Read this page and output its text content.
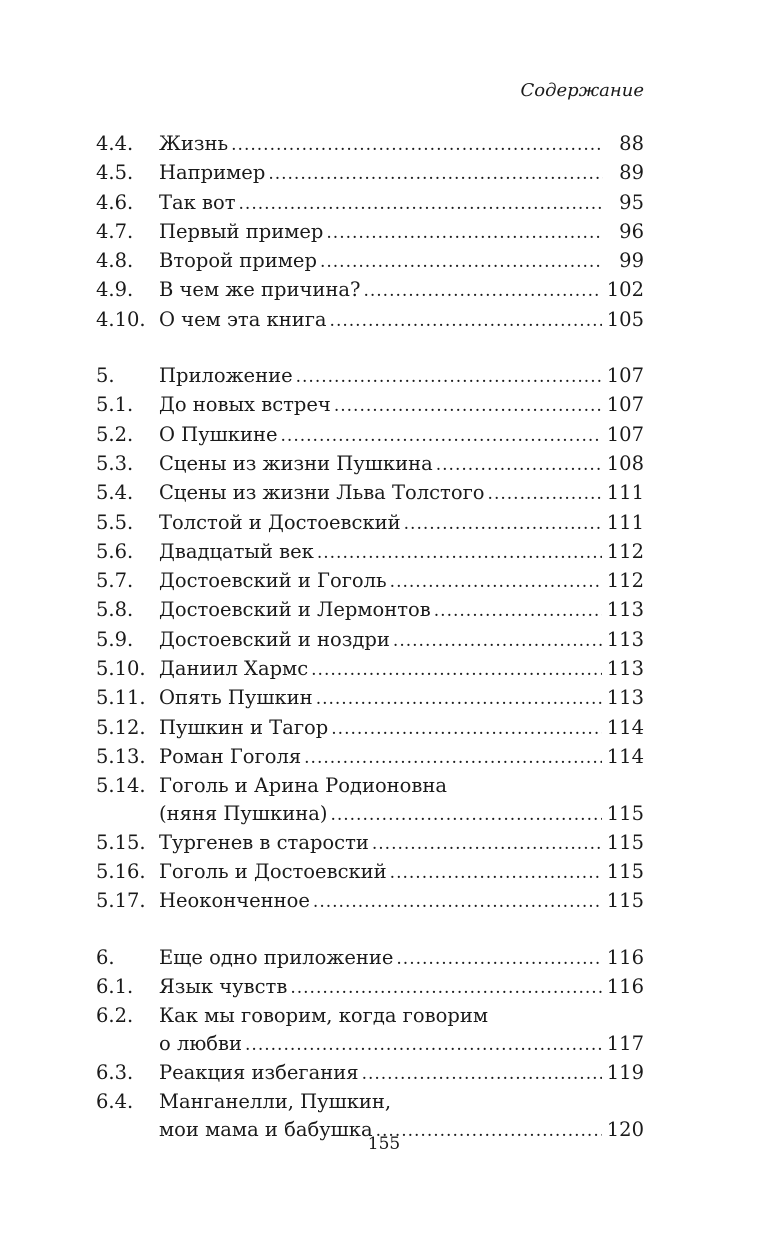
Содержание
4.4.	Жизнь .....	88
4.5.	Например .....	89
4.6.	Так вот .....	95
4.7.	Первый пример .....	96
4.8.	Второй пример .....	99
4.9.	В чем же причина? .....	102
4.10. О чем эта книга .....	105
5.	Приложение .....	107
5.1.	До новых встреч .....	107
5.2.	О Пушкине .....	107
5.3.	Сцены из жизни Пушкина .....	108
5.4.	Сцены из жизни Льва Толстого .....	111
5.5.	Толстой и Достоевский .....	111
5.6.	Двадцатый век .....	112
5.7.	Достоевский и Гоголь .....	112
5.8.	Достоевский и Лермонтов .....	113
5.9.	Достоевский и ноздри .....	113
5.10. Даниил Хармс .....	113
5.11. Опять Пушкин .....	113
5.12. Пушкин и Тагор .....	114
5.13. Роман Гоголя .....	114
5.14. Гоголь и Арина Родионовна
(няня Пушкина) .....	115
5.15. Тургенев в старости .....	115
5.16. Гоголь и Достоевский .....	115
5.17. Неоконченное .....	115
6.	Еще одно приложение .....	116
6.1.	Язык чувств .....	116
6.2.	Как мы говорим, когда говорим
о любви .....	117
6.3.	Реакция избегания .....	119
6.4.	Манганелли, Пушкин,
мои мама и бабушка .....	120
155
